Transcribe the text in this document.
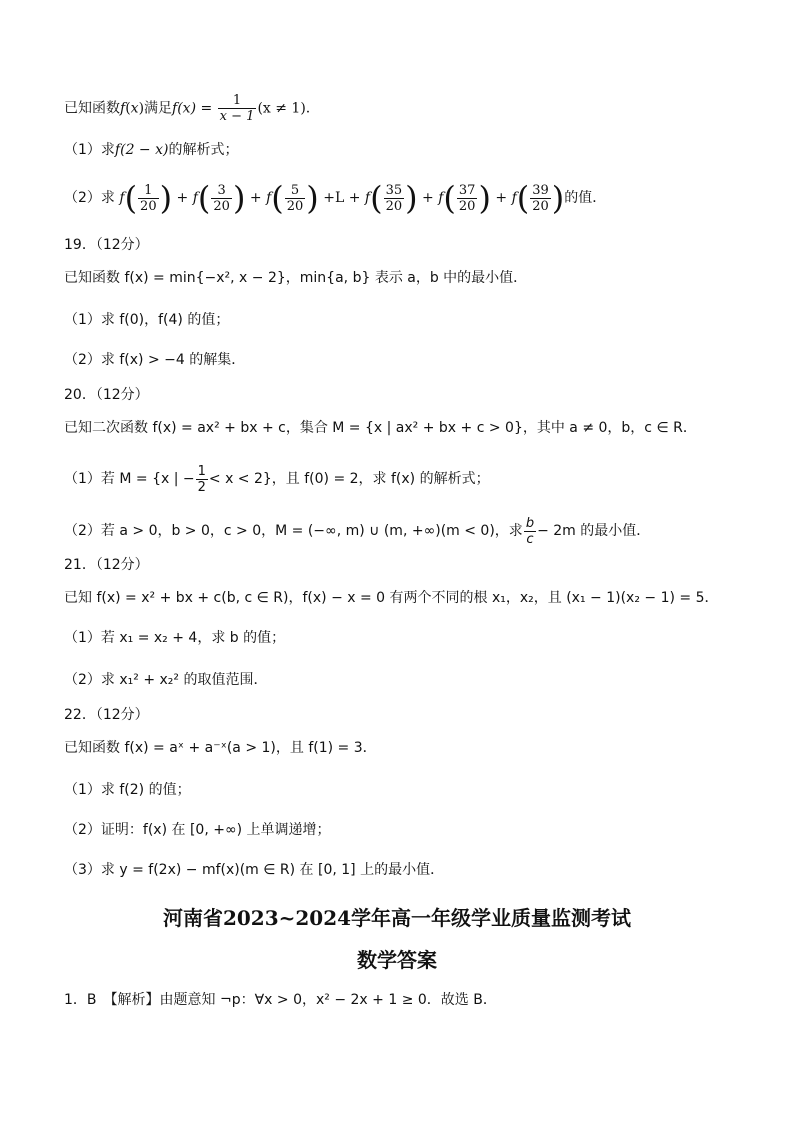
已知函数f(x)满足$f(x) = \frac{1}{x - 1} (x \ne 1)$.
（1）求f(2 − x)的解析式；
（2）求 $f( \frac{1}{20}$ ) + $f( \frac{3}{20}$ ) + $f( \frac{5}{20}$ ) $+L + f( \frac{35}{20}$ ) + $f( \frac{37}{20}$ ) + $f( \frac{39}{20}$ )的值．
19．（12分）
已知函数 f(x) = min{−x², x − 2}，min{a, b} 表示 a，b 中的最小值．
（1）求 f(0)，f(4) 的值；
（2）求 f(x) > −4 的解集．
20．（12分）
已知二次函数 f(x) = ax² + bx + c，集合 M = {x | ax² + bx + c > 0}，其中 a ≠ 0，b，c ∈ R．
（1）若 M = {x | − $\frac{1}{2} < x < 2$}，且 f(0) = 2，求 f(x) 的解析式；
（2）若 a > 0，b > 0，c > 0，M = (−∞, m) ∪ (m, +∞)(m < 0)，求 $\frac{b}{c} - 2m$ 的最小值．
21．（12分）
已知 f(x) = x² + bx + c(b, c ∈ R)，f(x) − x = 0 有两个不同的根 x₁，x₂，且 (x₁ − 1)(x₂ − 1) = 5．
（1）若 x₁ = x₂ + 4，求 b 的值；
（2）求 x₁² + x₂² 的取值范围．
22．（12分）
已知函数 f(x) = aˣ + a⁻ˣ(a > 1)，且 f(1) = 3．
（1）求 f(2) 的值；
（2）证明：f(x) 在 [0, +∞) 上单调递增；
（3）求 y = f(2x) − mf(x)(m ∈ R) 在 [0, 1] 上的最小值．
河南省2023~2024学年高一年级学业质量监测考试
数学答案
1．B　【解析】由题意知 ¬p：∀x > 0，x² − 2x + 1 ≥ 0．故选 B．
